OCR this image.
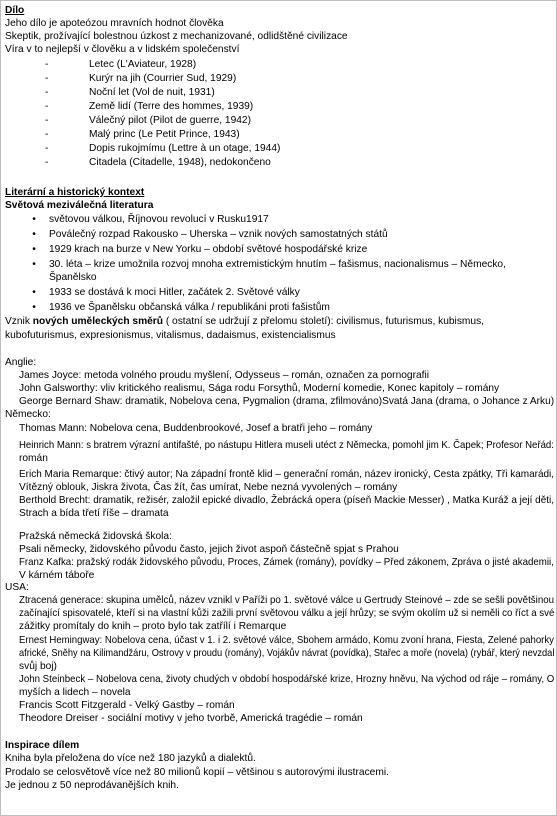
Dílo
Jeho dílo je apoteózou mravních hodnot člověka
Skeptik, prožívající bolestnou úzkost z mechanizované, odlidštěné civilizace
Víra v to nejlepší v člověku a v lidském společenství
-	Letec (L'Aviateur, 1928)
-	Kurýr na jih (Courrier Sud, 1929)
-	Noční let (Vol de nuit, 1931)
-	Země lidí (Terre des hommes, 1939)
-	Válečný pilot (Pilot de guerre, 1942)
-	Malý princ (Le Petit Prince, 1943)
-	Dopis rukojmímu (Lettre à un otage, 1944)
-	Citadela (Citadelle, 1948), nedokončeno
Literární a historický kontext
Světová meziválečná literatura
• světovou válkou, Říjnovou revolucí v Rusku1917
• Poválečný rozpad Rakousko – Uherska – vznik nových samostatných států
• 1929 krach na burze v New Yorku – období světové hospodářské krize
• 30. léta – krize umožnila rozvoj mnoha extremistickým hnutím – fašismus, nacionalismus – Německo,
Španělsko
• 1933 se dostává k moci Hitler, začátek 2. Světové války
• 1936 ve Španělsku občanská válka / republikáni proti fašistům
Vznik nových uměleckých směrů ( ostatní se udržují z přelomu století): civilismus, futurismus, kubismus,
kubofuturismus, expresionismus, vitalismus, dadaismus, existencialismus
Anglie:
James Joyce: metoda volného proudu myšlení, Odysseus – román, označen za pornografii
John Galsworthy: vliv kritického realismu, Sága rodu Forsythů, Moderní komedie, Konec kapitoly – romány
George Bernard Shaw: dramatik, Nobelova cena, Pygmalion (drama, zfilmováno)Svatá Jana (drama, o Johance z Arku)
Německo:
Thomas Mann: Nobelova cena, Buddenbrookové, Josef a bratři jeho – romány
Heinrich Mann: s bratrem výrazní antifašté, po nástupu Hitlera museli utéct z Německa, pomohl jim K. Čapek; Profesor Neřád:
román
Erich Maria Remarque: čtivý autor; Na západní frontě klid – generační román, název ironický, Cesta zpátky, Tři kamarádi,
Vítězný oblouk, Jiskra života, Čas žít, čas umírat, Nebe nezná vyvolených – romány
Berthold Brecht: dramatik, režisér, založil epické divadlo, Žebrácká opera (píseň Mackie Messer) , Matka Kuráž a její děti,
Strach a bída třetí říše – dramata
Pražská německá židovská škola:
Psali německy, židovského původu často, jejich život aspoň částečně spjat s Prahou
Franz Kafka: pražský rodák židovského původu, Proces, Zámek (romány), povídky – Před zákonem, Zpráva o jisté akademii,
V kárném táboře
USA:
Ztracená generace: skupina umělců, název vznikl v Paříži po 1. světové válce u Gertrudy Steinové – zde se sešli povětšinou
začínající spisovatelé, kteří si na vlastní kůži zažili první světovou válku a její hrůzy; se svým okolím už si neměli co říct a své
zážitky promítaly do knih – proto bylo tak zatřílí i Remarque
Ernest Hemingway: Nobelova cena, účast v 1. i 2. světové válce, Sbohem armádo, Komu zvoní hrana, Fiesta, Zelené pahorky
africké, Sněhy na Kilimandžáru, Ostrovy v proudu (romány), Vojákův návrat (povídka), Stařec a moře (novela) (rybář, který nevzdal
svůj boj)
John Steinbeck – Nobelova cena, životy chudých v období hospodářské krize, Hrozny hněvu, Na východ od ráje – romány, O
myších a lidech – novela
Francis Scott Fitzgerald - Velký Gastby – román
Theodore Dreiser - sociální motivy v jeho tvorbě, Americká tragédie – román
Inspirace dílem
Kniha byla přeložena do více než 180 jazyků a dialektů.
Prodalo se celosvětově více než 80 milionů kopií – většinou s autorovými ilustracemi.
Je jednou z 50 neprodávanějších knih.
